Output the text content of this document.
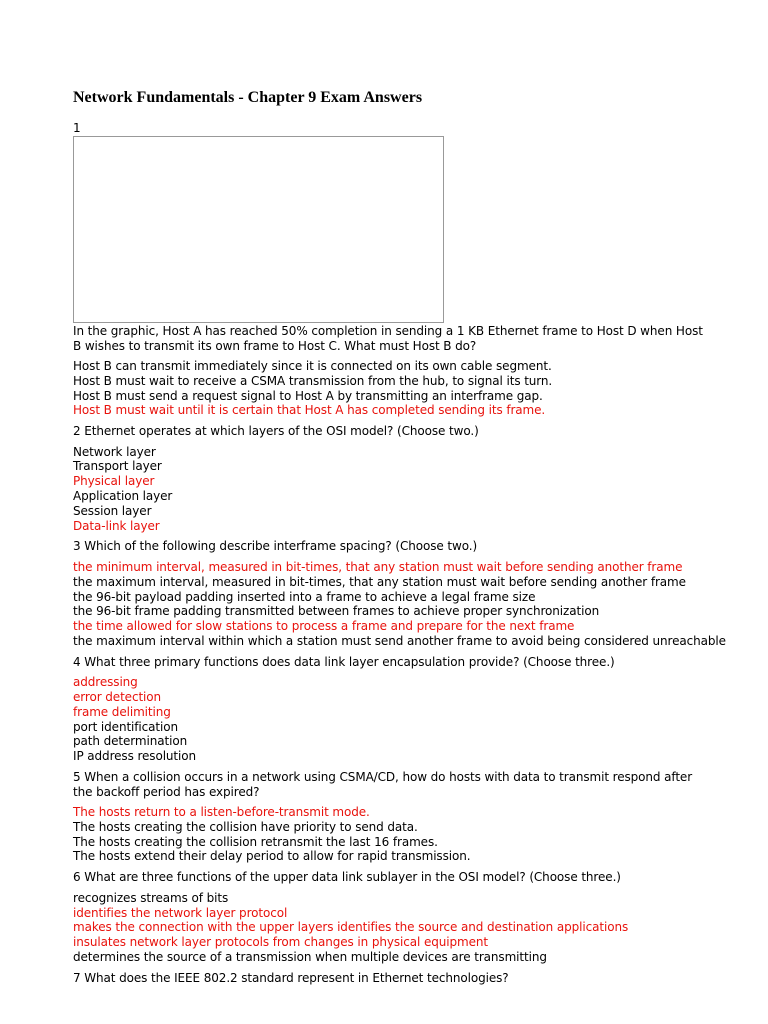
Network Fundamentals - Chapter 9 Exam Answers
1

In the graphic, Host A has reached 50% completion in sending a 1 KB Ethernet frame to Host D when Host B wishes to transmit its own frame to Host C. What must Host B do?

Host B can transmit immediately since it is connected on its own cable segment.
Host B must wait to receive a CSMA transmission from the hub, to signal its turn.
Host B must send a request signal to Host A by transmitting an interframe gap.
Host B must wait until it is certain that Host A has completed sending its frame.

2 Ethernet operates at which layers of the OSI model? (Choose two.)

Network layer
Transport layer
Physical layer
Application layer
Session layer
Data-link layer

3 Which of the following describe interframe spacing? (Choose two.)

the minimum interval, measured in bit-times, that any station must wait before sending another frame
the maximum interval, measured in bit-times, that any station must wait before sending another frame
the 96-bit payload padding inserted into a frame to achieve a legal frame size
the 96-bit frame padding transmitted between frames to achieve proper synchronization
the time allowed for slow stations to process a frame and prepare for the next frame
the maximum interval within which a station must send another frame to avoid being considered unreachable

4 What three primary functions does data link layer encapsulation provide? (Choose three.)

addressing
error detection
frame delimiting
port identification
path determination
IP address resolution

5 When a collision occurs in a network using CSMA/CD, how do hosts with data to transmit respond after the backoff period has expired?

The hosts return to a listen-before-transmit mode.
The hosts creating the collision have priority to send data.
The hosts creating the collision retransmit the last 16 frames.
The hosts extend their delay period to allow for rapid transmission.

6 What are three functions of the upper data link sublayer in the OSI model? (Choose three.)

recognizes streams of bits
identifies the network layer protocol
makes the connection with the upper layers identifies the source and destination applications
insulates network layer protocols from changes in physical equipment
determines the source of a transmission when multiple devices are transmitting

7 What does the IEEE 802.2 standard represent in Ethernet technologies?
